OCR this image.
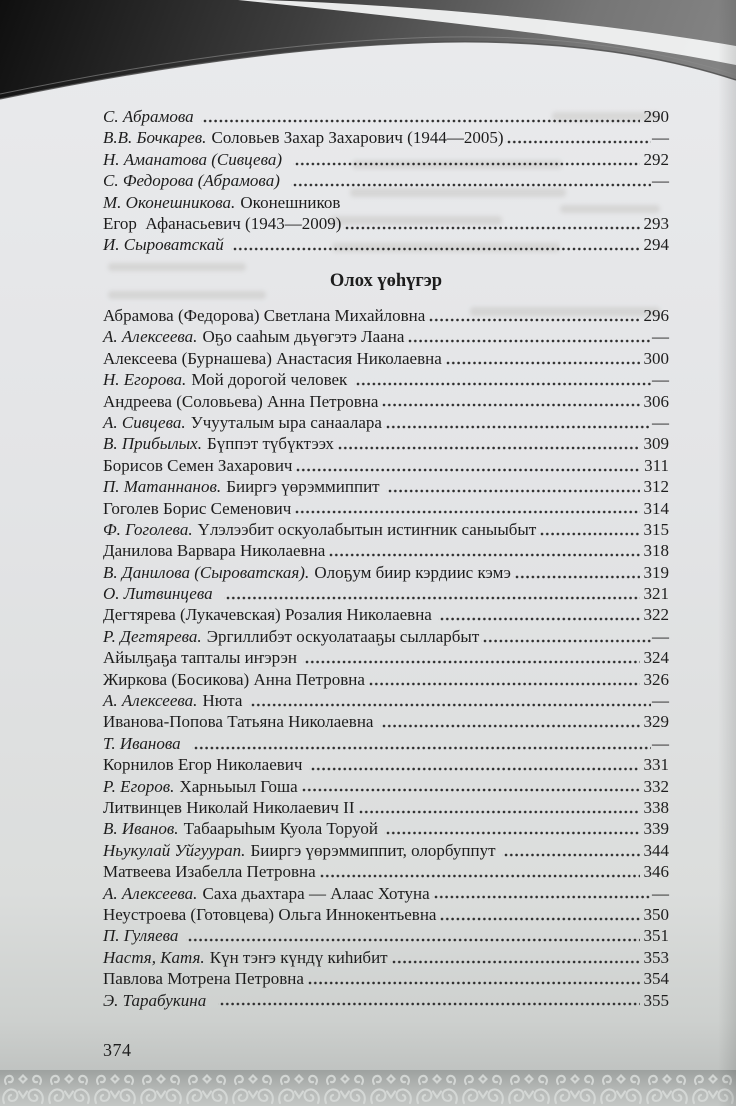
С. Абрамова	290
В.В. Бочкарев. Соловьев Захар Захарович (1944—2005)	—
Н. Аманатова (Сивцева)	292
С. Федорова (Абрамова)	—
М. Оконешникова. Оконешников
Егор  Афанасьевич (1943—2009)	293
И. Сыроватскай	294
Олох үөһүгэр
Абрамова (Федорова) Светлана Михайловна	296
А. Алексеева. Оҕо сааһым дьүөгэтэ Лаана	—
Алексеева (Бурнашева) Анастасия Николаевна	300
Н. Егорова. Мой дорогой человек	—
Андреева (Соловьева) Анна Петровна	306
А. Сивцева. Учууталым ыра санаалара	—
В. Прибылых. Бүппэт түбүктээх	309
Борисов Семен Захарович	311
П. Матаннанов. Бииргэ үөрэммиппит	312
Гоголев Борис Семенович	314
Ф. Гоголева. Үлэлээбит оскуолабытын истиҥник саныыбыт	315
Данилова Варвара Николаевна	318
В. Данилова (Сыроватская). Олоҕум биир кэрдиис кэмэ	319
О. Литвинцева	321
Дегтярева (Лукачевская) Розалия Николаевна	322
Р. Дегтярева. Эргиллибэт оскуолатааҕы сылларбыт	—
Айылҕаҕа тапталы иҥэрэн	324
Жиркова (Босикова) Анна Петровна	326
А. Алексеева. Нюта	—
Иванова-Попова Татьяна Николаевна	329
Т. Иванова	—
Корнилов Егор Николаевич	331
Р. Егоров. Харньыыл Гоша	332
Литвинцев Николай Николаевич II	338
В. Иванов. Табаарыһым Куола Торуой	339
Ньукулай Уйгуурап. Бииргэ үөрэммиппит, олорбуппут	344
Матвеева Изабелла Петровна	346
А. Алексеева. Саха дьахтара — Алаас Хотуна	—
Неустроева (Готовцева) Ольга Иннокентьевна	350
П. Гуляева	351
Настя, Катя. Күн тэҥэ күндү киһибит	353
Павлова Мотрена Петровна	354
Э. Тарабукина	355
374
